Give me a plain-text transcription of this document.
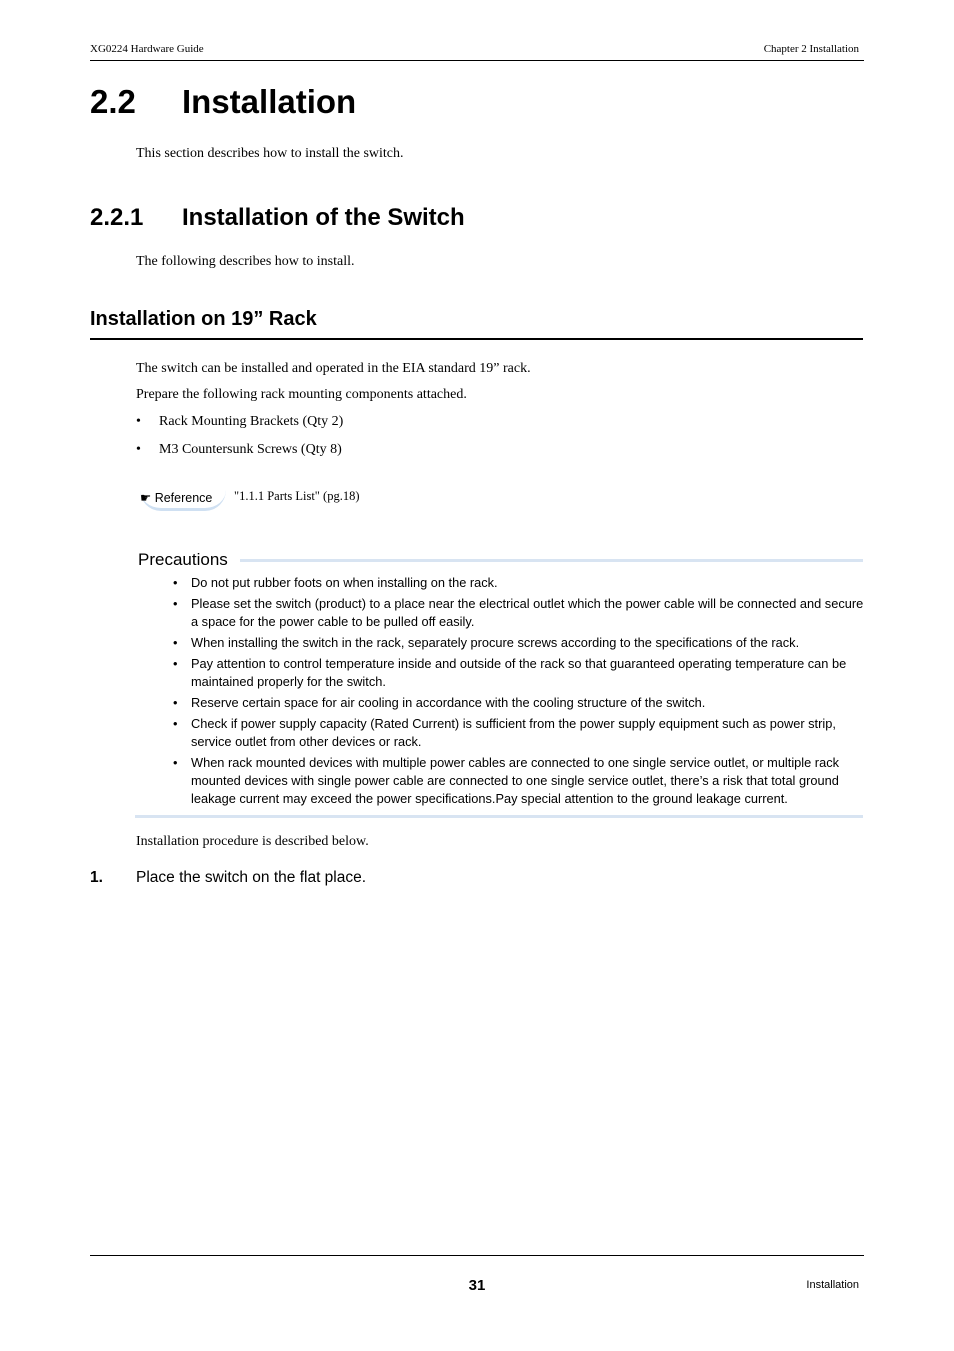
XG0224 Hardware Guide	Chapter 2 Installation
2.2 Installation
This section describes how to install the switch.
2.2.1 Installation of the Switch
The following describes how to install.
Installation on 19” Rack
The switch can be installed and operated in the EIA standard 19” rack.
Prepare the following rack mounting components attached.
• Rack Mounting Brackets (Qty 2)
• M3 Countersunk Screws (Qty 8)
☛ Reference	"1.1.1 Parts List" (pg.18)
Precautions
• Do not put rubber foots on when installing on the rack.
• Please set the switch (product) to a place near the electrical outlet which the power cable will be connected and secure a space for the power cable to be pulled off easily.
• When installing the switch in the rack, separately procure screws according to the specifications of the rack.
• Pay attention to control temperature inside and outside of the rack so that guaranteed operating temperature can be maintained properly for the switch.
• Reserve certain space for air cooling in accordance with the cooling structure of the switch.
• Check if power supply capacity (Rated Current) is sufficient from the power supply equipment such as power strip, service outlet from other devices or rack.
• When rack mounted devices with multiple power cables are connected to one single service outlet, or multiple rack mounted devices with single power cable are connected to one single service outlet, there’s a risk that total ground leakage current may exceed the power specifications.Pay special attention to the ground leakage current.
Installation procedure is described below.
1. Place the switch on the flat place.
31	Installation
